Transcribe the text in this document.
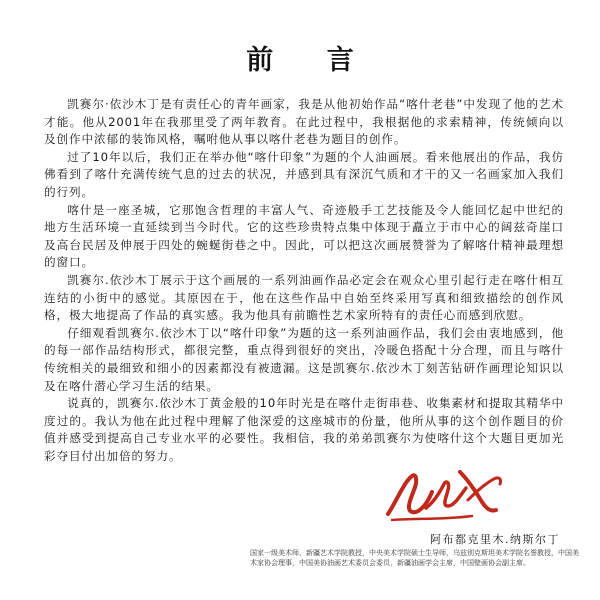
前 言

凯赛尔·依沙木丁是有责任心的青年画家，我是从他初始作品“喀什老巷”中发现了他的艺术才能。他从2001年在我那里受了两年教育。在此过程中，我根据他的求索精神，传统倾向以及创作中浓郁的装饰风格，嘱咐他从事以喀什老巷为题目的创作。

过了10年以后，我们正在举办他“喀什印象”为题的个人油画展。看来他展出的作品，我仿佛看到了喀什充满传统气息的过去的状况，并感到具有深沉气质和才干的又一名画家加入我们的行列。

喀什是一座圣城，它那饱含哲理的丰富人气、奇迹般手工艺技能及令人能回忆起中世纪的地方生活环境一直延续到当今时代。它的这些珍贵特点集中体现于矗立于市中心的阔兹奇崖口及高台民居及伸展于四处的蜿蜒街巷之中。因此，可以把这次画展赞誉为了解喀什精神最理想的窗口。

凯赛尔.依沙木丁展示于这个画展的一系列油画作品必定会在观众心里引起行走在喀什相互连结的小街中的感觉。其原因在于，他在这些作品中自始至终采用写真和细致描绘的创作风格，极大地提高了作品的真实感。我为他具有前瞻性艺术家所特有的责任心而感到欣慰。

仔细观看凯赛尔.依沙木丁以“喀什印象”为题的这一系列油画作品，我们会由衷地感到，他的每一部作品结构形式，都很完整，重点得到很好的突出，冷暖色搭配十分合理，而且与喀什传统相关的最细致和细小的因素都没有被遗漏。这是凯赛尔.依沙木丁刻苦钻研作画理论知识以及在喀什潜心学习生活的结果。

说真的，凯赛尔.依沙木丁黄金般的10年时光是在喀什走街串巷、收集素材和提取其精华中度过的。我认为他在此过程中理解了他深爱的这座城市的份量，他所从事的这个创作题目的价值并感受到提高自己专业水平的必要性。我相信，我的弟弟凯赛尔为使喀什这个大题目更加光彩夺目付出加倍的努力。

阿布都克里木.纳斯尔丁
国家一级美术师，新疆艺术学院教授，中央美术学院硕士生导师，乌兹别克斯坦美术学院名誉教授，中国美术家协会理事，中国美协油画艺术委员会委员，新疆油画学会主席，中国壁画协会副主席。
